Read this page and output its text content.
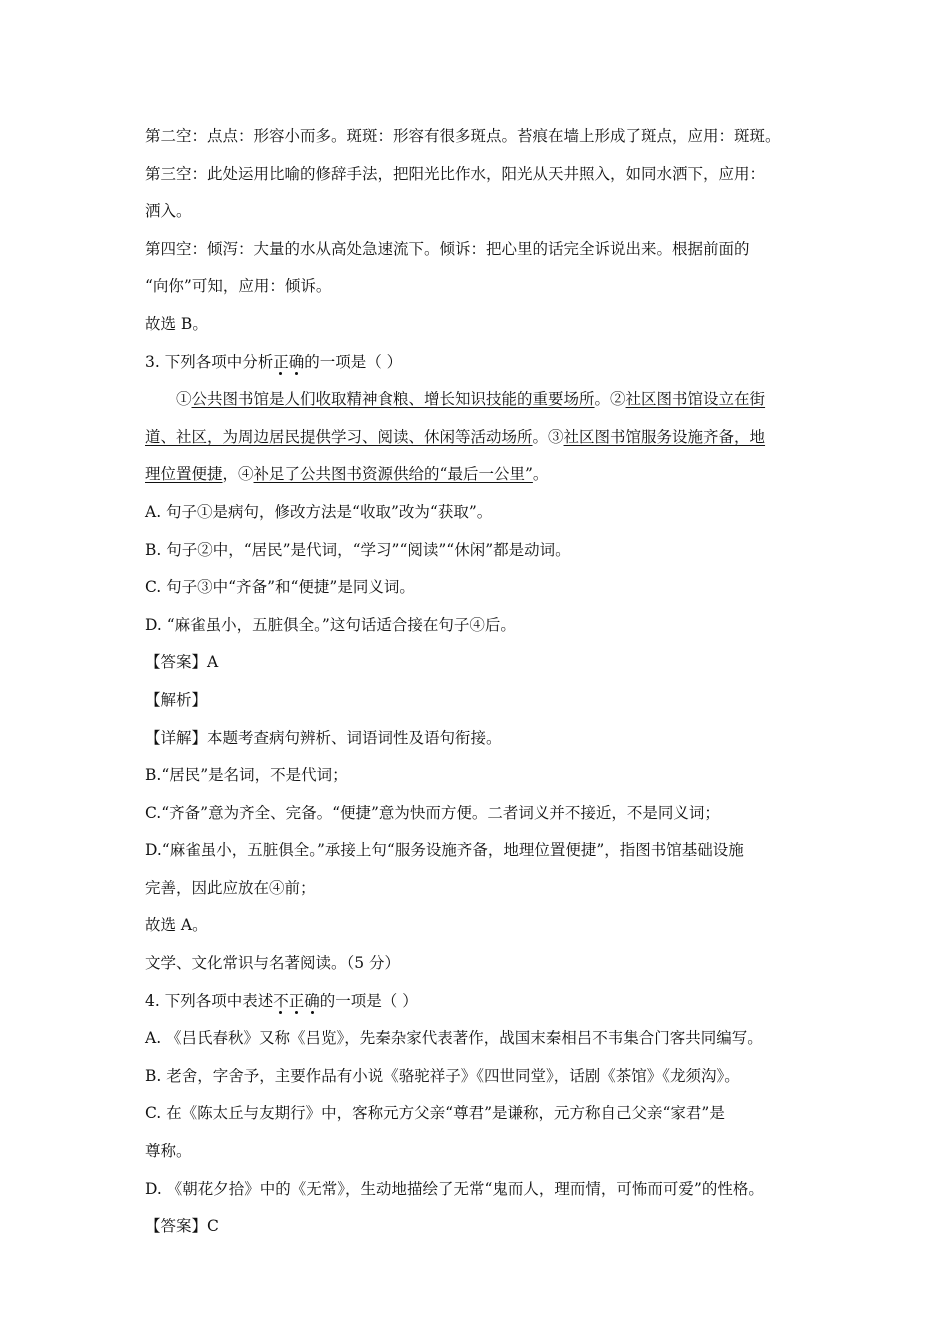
第二空：点点：形容小而多。斑斑：形容有很多斑点。苔痕在墙上形成了斑点，应用：斑斑。

第三空：此处运用比喻的修辞手法，把阳光比作水，阳光从天井照入，如同水洒下，应用：

洒入。

第四空：倾泻：大量的水从高处急速流下。倾诉：把心里的话完全诉说出来。根据前面的

“向你”可知，应用：倾诉。

故选 B。

3. 下列各项中分析正确的一项是（ ）

①公共图书馆是人们收取精神食粮、增长知识技能的重要场所。②社区图书馆设立在街

道、社区，为周边居民提供学习、阅读、休闲等活动场所。③社区图书馆服务设施齐备，地

理位置便捷，④补足了公共图书资源供给的“最后一公里”。

A. 句子①是病句，修改方法是“收取”改为“获取”。

B. 句子②中，“居民”是代词，“学习”“阅读”“休闲”都是动词。

C. 句子③中“齐备”和“便捷”是同义词。

D. “麻雀虽小，五脏俱全。”这句话适合接在句子④后。

【答案】A

【解析】

【详解】本题考查病句辨析、词语词性及语句衔接。

B.“居民”是名词，不是代词；

C.“齐备”意为齐全、完备。“便捷”意为快而方便。二者词义并不接近，不是同义词；

D.“麻雀虽小，五脏俱全。”承接上句“服务设施齐备，地理位置便捷”，指图书馆基础设施

完善，因此应放在④前；

故选 A。

文学、文化常识与名著阅读。（5 分）

4. 下列各项中表述不正确的一项是（ ）

A. 《吕氏春秋》又称《吕览》，先秦杂家代表著作，战国末秦相吕不韦集合门客共同编写。

B. 老舍，字舍予，主要作品有小说《骆驼祥子》《四世同堂》，话剧《茶馆》《龙须沟》。

C. 在《陈太丘与友期行》中，客称元方父亲“尊君”是谦称，元方称自己父亲“家君”是

尊称。

D. 《朝花夕拾》中的《无常》，生动地描绘了无常“鬼而人，理而情，可怖而可爱”的性格。

【答案】C
